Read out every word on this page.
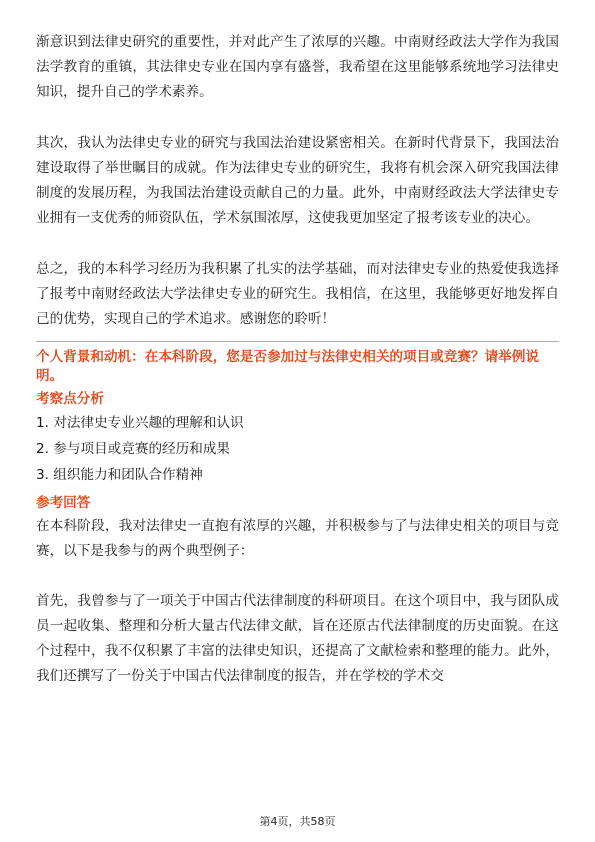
渐意识到法律史研究的重要性，并对此产生了浓厚的兴趣。中南财经政法大学作为我国法学教育的重镇，其法律史专业在国内享有盛誉，我希望在这里能够系统地学习法律史知识，提升自己的学术素养。

其次，我认为法律史专业的研究与我国法治建设紧密相关。在新时代背景下，我国法治建设取得了举世瞩目的成就。作为法律史专业的研究生，我将有机会深入研究我国法律制度的发展历程，为我国法治建设贡献自己的力量。此外，中南财经政法大学法律史专业拥有一支优秀的师资队伍，学术氛围浓厚，这使我更加坚定了报考该专业的决心。

总之，我的本科学习经历为我积累了扎实的法学基础，而对法律史专业的热爱使我选择了报考中南财经政法大学法律史专业的研究生。我相信，在这里，我能够更好地发挥自己的优势，实现自己的学术追求。感谢您的聆听！

个人背景和动机：在本科阶段，您是否参加过与法律史相关的项目或竞赛？请举例说明。

考察点分析
1. 对法律史专业兴趣的理解和认识
2. 参与项目或竞赛的经历和成果
3. 组织能力和团队合作精神
参考回答

在本科阶段，我对法律史一直抱有浓厚的兴趣，并积极参与了与法律史相关的项目与竞赛，以下是我参与的两个典型例子：

首先，我曾参与了一项关于中国古代法律制度的科研项目。在这个项目中，我与团队成员一起收集、整理和分析大量古代法律文献，旨在还原古代法律制度的历史面貌。在这个过程中，我不仅积累了丰富的法律史知识，还提高了文献检索和整理的能力。此外，我们还撰写了一份关于中国古代法律制度的报告，并在学校的学术交

第4页，共58页
